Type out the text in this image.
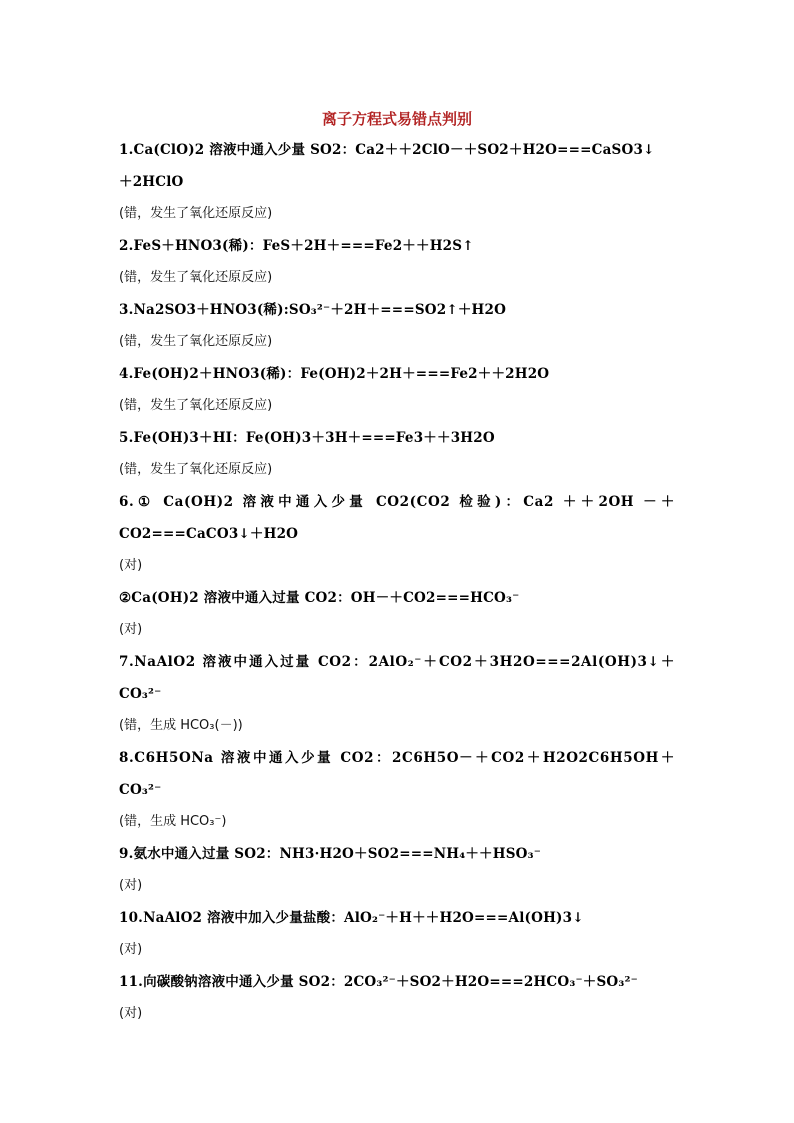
离子方程式易错点判别
1.Ca(ClO)2 溶液中通入少量 SO2：Ca2＋＋2ClO－＋SO2＋H2O===CaSO3↓
＋2HClO
(错，发生了氧化还原反应)
2.FeS＋HNO3(稀)：FeS＋2H＋===Fe2＋＋H2S↑
(错，发生了氧化还原反应)
3.Na2SO3＋HNO3(稀):SO₃²⁻＋2H＋===SO2↑＋H2O
(错，发生了氧化还原反应)
4.Fe(OH)2＋HNO3(稀)：Fe(OH)2＋2H＋===Fe2＋＋2H2O
(错，发生了氧化还原反应)
5.Fe(OH)3＋HI：Fe(OH)3＋3H＋===Fe3＋＋3H2O
(错，发生了氧化还原反应)
6.① Ca(OH)2 溶液中通入少量 CO2(CO2 检验)：Ca2 ＋＋2OH －＋
CO2===CaCO3↓＋H2O
(对)
②Ca(OH)2 溶液中通入过量 CO2：OH－＋CO2===HCO₃⁻
(对)
7.NaAlO2 溶液中通入过量 CO2：2AlO₂⁻＋CO2＋3H2O===2Al(OH)3↓＋
CO₃²⁻
(错，生成 HCO₃(－))
8.C6H5ONa 溶液中通入少量 CO2：2C6H5O－＋CO2＋H2O2C6H5OH＋
CO₃²⁻
(错，生成 HCO₃⁻)
9.氨水中通入过量 SO2：NH3·H2O＋SO2===NH₄＋＋HSO₃⁻
(对)
10.NaAlO2 溶液中加入少量盐酸：AlO₂⁻＋H＋＋H2O===Al(OH)3↓
(对)
11.向碳酸钠溶液中通入少量 SO2：2CO₃²⁻＋SO2＋H2O===2HCO₃⁻＋SO₃²⁻
(对)
